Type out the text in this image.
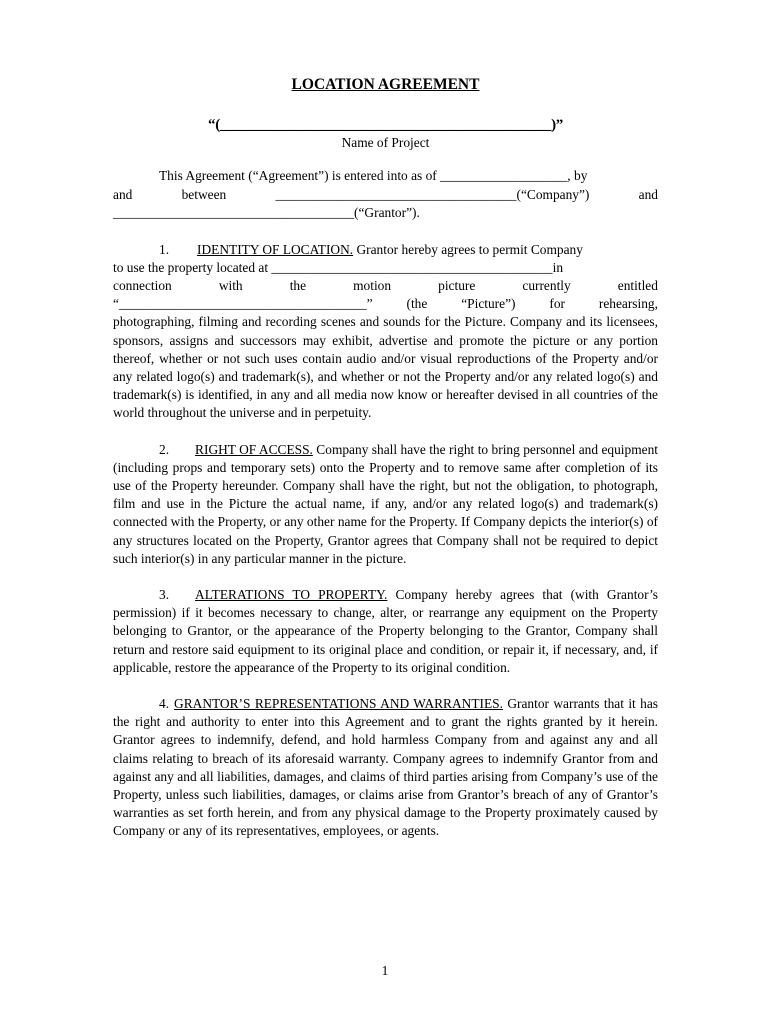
LOCATION AGREEMENT
“(______________________________________________)”
Name of Project
This Agreement (“Agreement”) is entered into as of ___________________, by
and	between	____________________________________(“Company”)	and
____________________________________(“Grantor”).
1. IDENTITY OF LOCATION. Grantor hereby agrees to permit Company
to use the property located at __________________________________________in
connection	with	the	motion	picture	currently	entitled
“_____________________________________”	(the	“Picture”)	for	rehearsing,
photographing, filming and recording scenes and sounds for the Picture. Company and its licensees, sponsors, assigns and successors may exhibit, advertise and promote the picture or any portion thereof, whether or not such uses contain audio and/or visual reproductions of the Property and/or any related logo(s) and trademark(s), and whether or not the Property and/or any related logo(s) and trademark(s) is identified, in any and all media now know or hereafter devised in all countries of the world throughout the universe and in perpetuity.
2. RIGHT OF ACCESS. Company shall have the right to bring personnel and equipment (including props and temporary sets) onto the Property and to remove same after completion of its use of the Property hereunder. Company shall have the right, but not the obligation, to photograph, film and use in the Picture the actual name, if any, and/or any related logo(s) and trademark(s) connected with the Property, or any other name for the Property. If Company depicts the interior(s) of any structures located on the Property, Grantor agrees that Company shall not be required to depict such interior(s) in any particular manner in the picture.
3. ALTERATIONS TO PROPERTY. Company hereby agrees that (with Grantor’s permission) if it becomes necessary to change, alter, or rearrange any equipment on the Property belonging to Grantor, or the appearance of the Property belonging to the Grantor, Company shall return and restore said equipment to its original place and condition, or repair it, if necessary, and, if applicable, restore the appearance of the Property to its original condition.
4. GRANTOR’S REPRESENTATIONS AND WARRANTIES. Grantor warrants that it has the right and authority to enter into this Agreement and to grant the rights granted by it herein. Grantor agrees to indemnify, defend, and hold harmless Company from and against any and all claims relating to breach of its aforesaid warranty. Company agrees to indemnify Grantor from and against any and all liabilities, damages, and claims of third parties arising from Company’s use of the Property, unless such liabilities, damages, or claims arise from Grantor’s breach of any of Grantor’s warranties as set forth herein, and from any physical damage to the Property proximately caused by Company or any of its representatives, employees, or agents.
1
